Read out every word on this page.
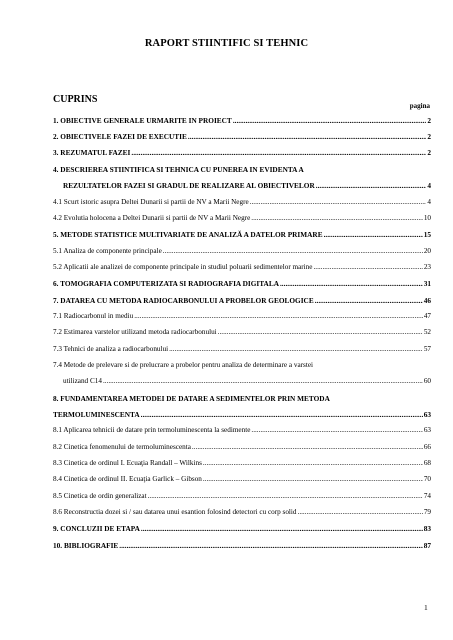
RAPORT STIINTIFIC SI TEHNIC
CUPRINS
pagina
1. OBIECTIVE GENERALE URMARITE IN PROIECT .....	2
2. OBIECTIVELE FAZEI DE EXECUTIE .....	2
3. REZUMATUL FAZEI .....	2
4. DESCRIEREA STIINTIFICA SI TEHNICA CU PUNEREA IN EVIDENTA A
REZULTATELOR FAZEI SI GRADUL DE REALIZARE AL OBIECTIVELOR .....	4
4.1 Scurt istoric asupra Deltei Dunarii si partii de NV a Marii Negre .....	4
4.2 Evolutia holocena a Deltei Dunarii si partii de NV a Marii Negre .....	10
5. METODE STATISTICE MULTIVARIATE DE ANALIZĂ A DATELOR PRIMARE .....	15
5.1 Analiza de componente principale .....	20
5.2 Aplicatii ale analizei de componente principale in studiul poluarii sedimentelor marine .....	23
6. TOMOGRAFIA COMPUTERIZATA SI RADIOGRAFIA DIGITALA .....	31
7. DATAREA CU METODA RADIOCARBONULUI A PROBELOR GEOLOGICE .....	46
7.1 Radiocarbonul in mediu .....	47
7.2 Estimarea varstelor utilizand metoda radiocarbonului .....	52
7.3 Tehnici de analiza a radiocarbonului .....	57
7.4 Metode de prelevare si de prelucrare a probelor pentru analiza de determinare a varstei
utilizand C14 .....	60
8. FUNDAMENTAREA METODEI DE DATARE A SEDIMENTELOR PRIN METODA
TERMOLUMINESCENTA .....	63
8.1 Aplicarea tehnicii de datare prin termoluminescenta la sedimente .....	63
8.2 Cinetica fenomenului de termoluminescenta .....	66
8.3 Cinetica de ordinul I. Ecuaţia Randall – Wilkins .....	68
8.4 Cinetica de ordinul II. Ecuaţia Garlick – Gibson .....	70
8.5 Cinetica de ordin generalizat .....	74
8.6 Reconstructia dozei si / sau datarea unui esantion folosind detectori cu corp solid .....	79
9. CONCLUZII DE ETAPA .....	83
10. BIBLIOGRAFIE .....	87
1
